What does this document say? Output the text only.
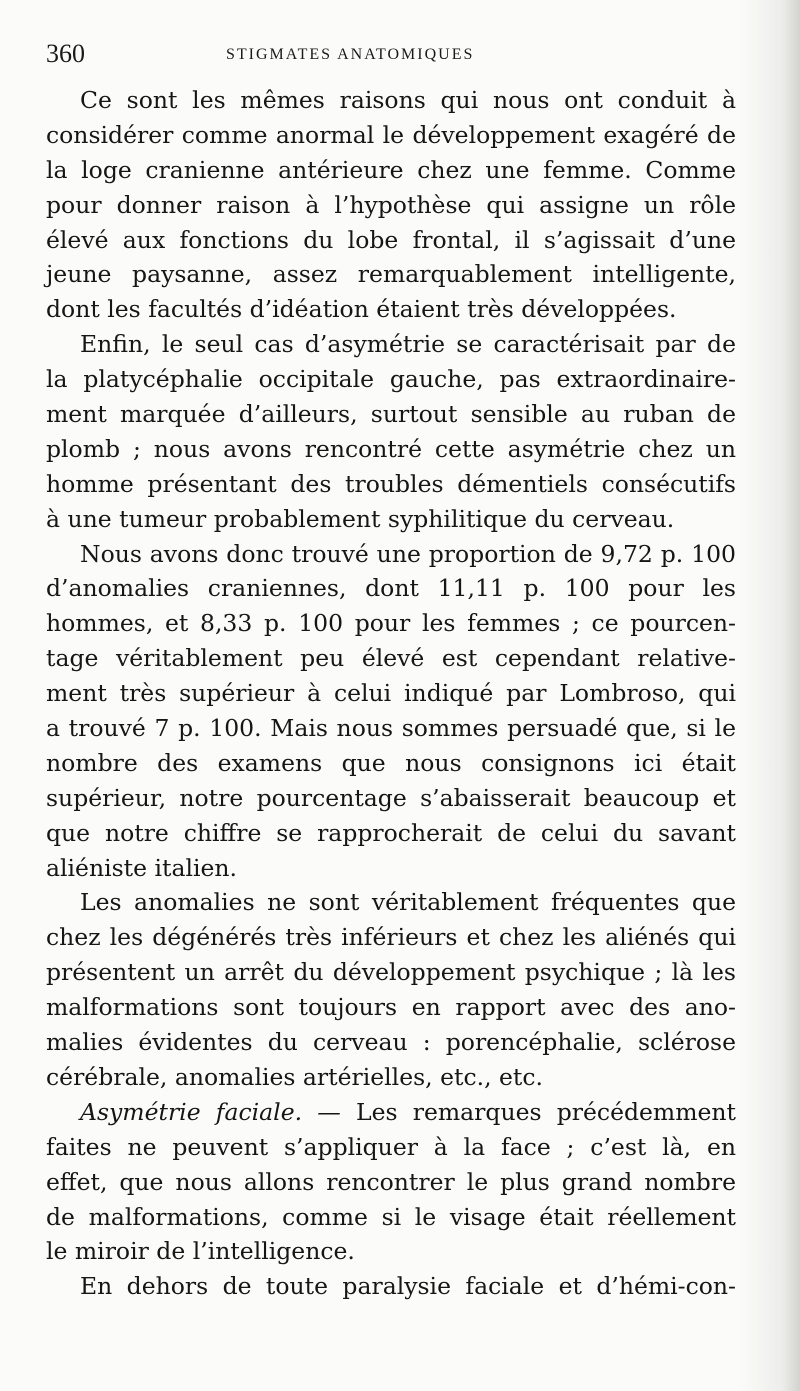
360	STIGMATES ANATOMIQUES
Ce sont les mêmes raisons qui nous ont conduit à
considérer comme anormal le développement exagéré de
la loge cranienne antérieure chez une femme. Comme
pour donner raison à l’hypothèse qui assigne un rôle
élevé aux fonctions du lobe frontal, il s’agissait d’une
jeune paysanne, assez remarquablement intelligente,
dont les facultés d’idéation étaient très développées.
Enfin, le seul cas d’asymétrie se caractérisait par de
la platycéphalie occipitale gauche, pas extraordinaire-
ment marquée d’ailleurs, surtout sensible au ruban de
plomb ; nous avons rencontré cette asymétrie chez un
homme présentant des troubles démentiels consécutifs
à une tumeur probablement syphilitique du cerveau.
Nous avons donc trouvé une proportion de 9,72 p. 100
d’anomalies craniennes, dont 11,11 p. 100 pour les
hommes, et 8,33 p. 100 pour les femmes ; ce pourcen-
tage véritablement peu élevé est cependant relative-
ment très supérieur à celui indiqué par Lombroso, qui
a trouvé 7 p. 100. Mais nous sommes persuadé que, si le
nombre des examens que nous consignons ici était
supérieur, notre pourcentage s’abaisserait beaucoup et
que notre chiffre se rapprocherait de celui du savant
aliéniste italien.
Les anomalies ne sont véritablement fréquentes que
chez les dégénérés très inférieurs et chez les aliénés qui
présentent un arrêt du développement psychique ; là les
malformations sont toujours en rapport avec des ano-
malies évidentes du cerveau : porencéphalie, sclérose
cérébrale, anomalies artérielles, etc., etc.
Asymétrie faciale. — Les remarques précédemment
faites ne peuvent s’appliquer à la face ; c’est là, en
effet, que nous allons rencontrer le plus grand nombre
de malformations, comme si le visage était réellement
le miroir de l’intelligence.
En dehors de toute paralysie faciale et d’hémi-con-
